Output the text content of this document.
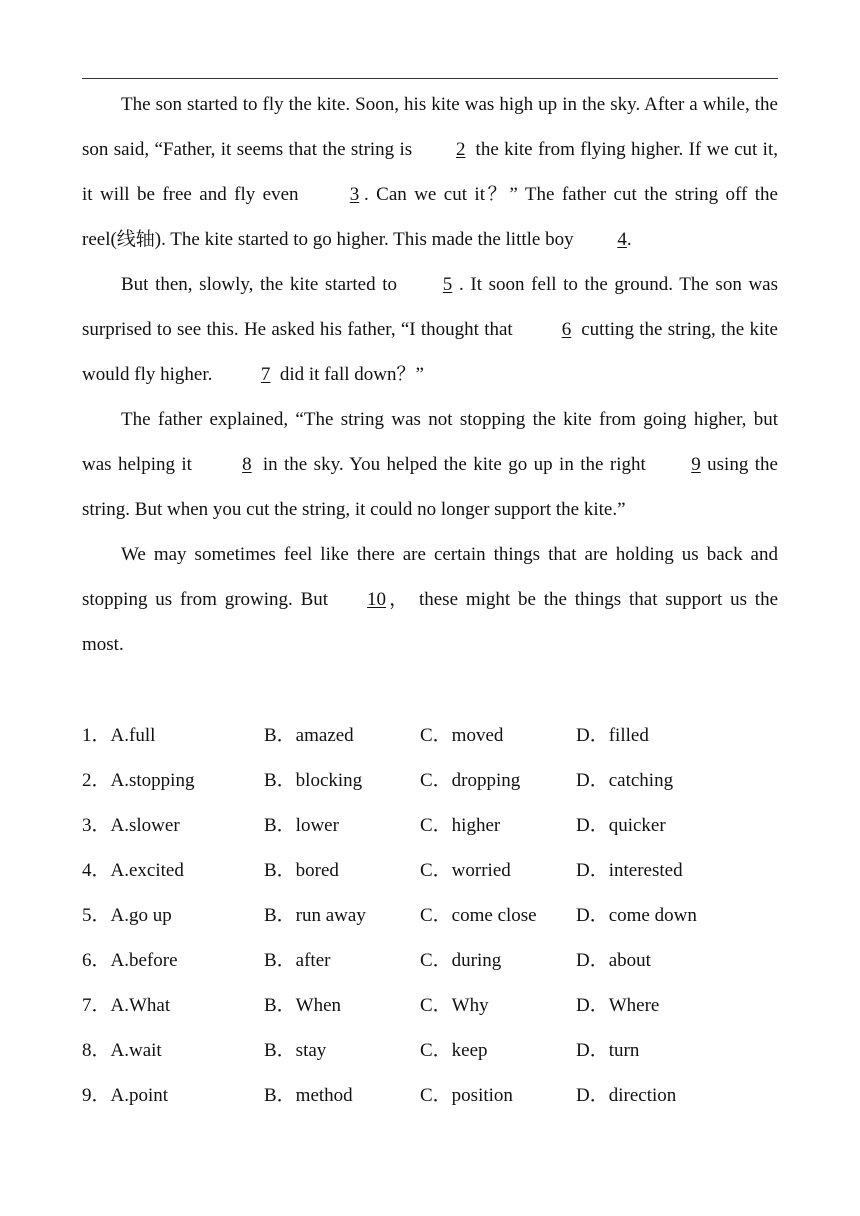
The son started to fly the kite. Soon, his kite was high up in the sky. After a while, the son said, “Father, it seems that the string is 2 the kite from flying higher. If we cut it, it will be free and fly even 3 . Can we cut it？” The father cut the string off the reel(线轴). The kite started to go higher. This made the little boy 4.

But then, slowly, the kite started to 5 . It soon fell to the ground. The son was surprised to see this. He asked his father, “I thought that 6 cutting the string, the kite would fly higher. 7 did it fall down？”

The father explained, “The string was not stopping the kite from going higher, but was helping it 8 in the sky. You helped the kite go up in the right 9 using the string. But when you cut the string, it could no longer support the kite.”

We may sometimes feel like there are certain things that are holding us back and stopping us from growing. But 10， these might be the things that support us the most.

1．A.full	B．amazed	C．moved	D．filled
2．A.stopping	B．blocking	C．dropping	D．catching
3．A.slower	B．lower	C．higher	D．quicker
4．A.excited	B．bored	C．worried	D．interested
5．A.go up	B．run away	C．come close D．come down
6．A.before	B．after	C．during	D．about
7．A.What	B．When	C．Why	D．Where
8．A.wait	B．stay	C．keep	D．turn
9．A.point	B．method	C．position	D．direction
